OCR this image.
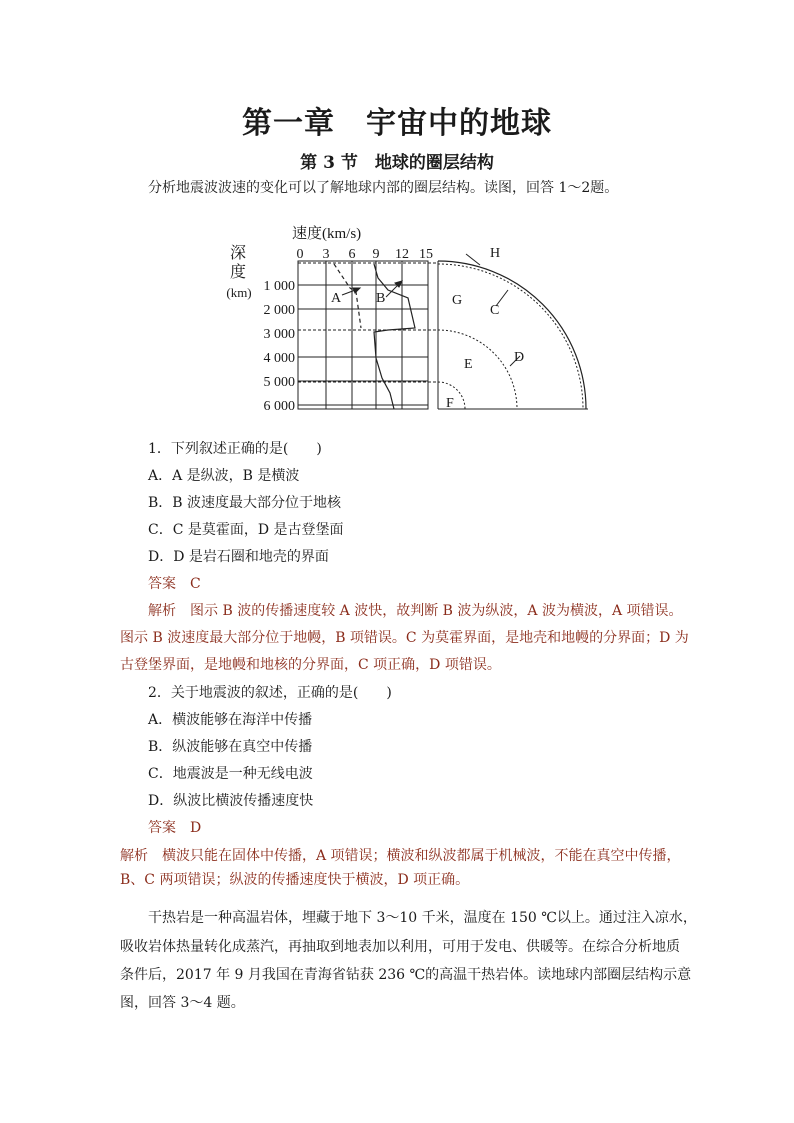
第一章　宇宙中的地球
第 3 节　地球的圈层结构
分析地震波波速的变化可以了解地球内部的圈层结构。读图，回答 1～2题。
速度(km/s)
0 3 6 9 12 15
深
度
(km) 1 000
2 000
3 000
4 000
5 000
6 000
A B
H
G
C
D
E
F
1．下列叙述正确的是(　　)
A．A 是纵波，B 是横波
B．B 波速度最大部分位于地核
C．C 是莫霍面，D 是古登堡面
D．D 是岩石圈和地壳的界面
答案　C
解析　图示 B 波的传播速度较 A 波快，故判断 B 波为纵波，A 波为横波，A 项错误。
图示 B 波速度最大部分位于地幔，B 项错误。C 为莫霍界面，是地壳和地幔的分界面；D 为
古登堡界面，是地幔和地核的分界面，C 项正确，D 项错误。
2．关于地震波的叙述，正确的是(　　)
A．横波能够在海洋中传播
B．纵波能够在真空中传播
C．地震波是一种无线电波
D．纵波比横波传播速度快
答案　D
解析　横波只能在固体中传播，A 项错误；横波和纵波都属于机械波，不能在真空中传播，
B、C 两项错误；纵波的传播速度快于横波，D 项正确。
干热岩是一种高温岩体，埋藏于地下 3～10 千米，温度在 150 ℃以上。通过注入凉水，
吸收岩体热量转化成蒸汽，再抽取到地表加以利用，可用于发电、供暖等。在综合分析地质
条件后，2017 年 9 月我国在青海省钻获 236 ℃的高温干热岩体。读地球内部圈层结构示意
图，回答 3～4 题。
